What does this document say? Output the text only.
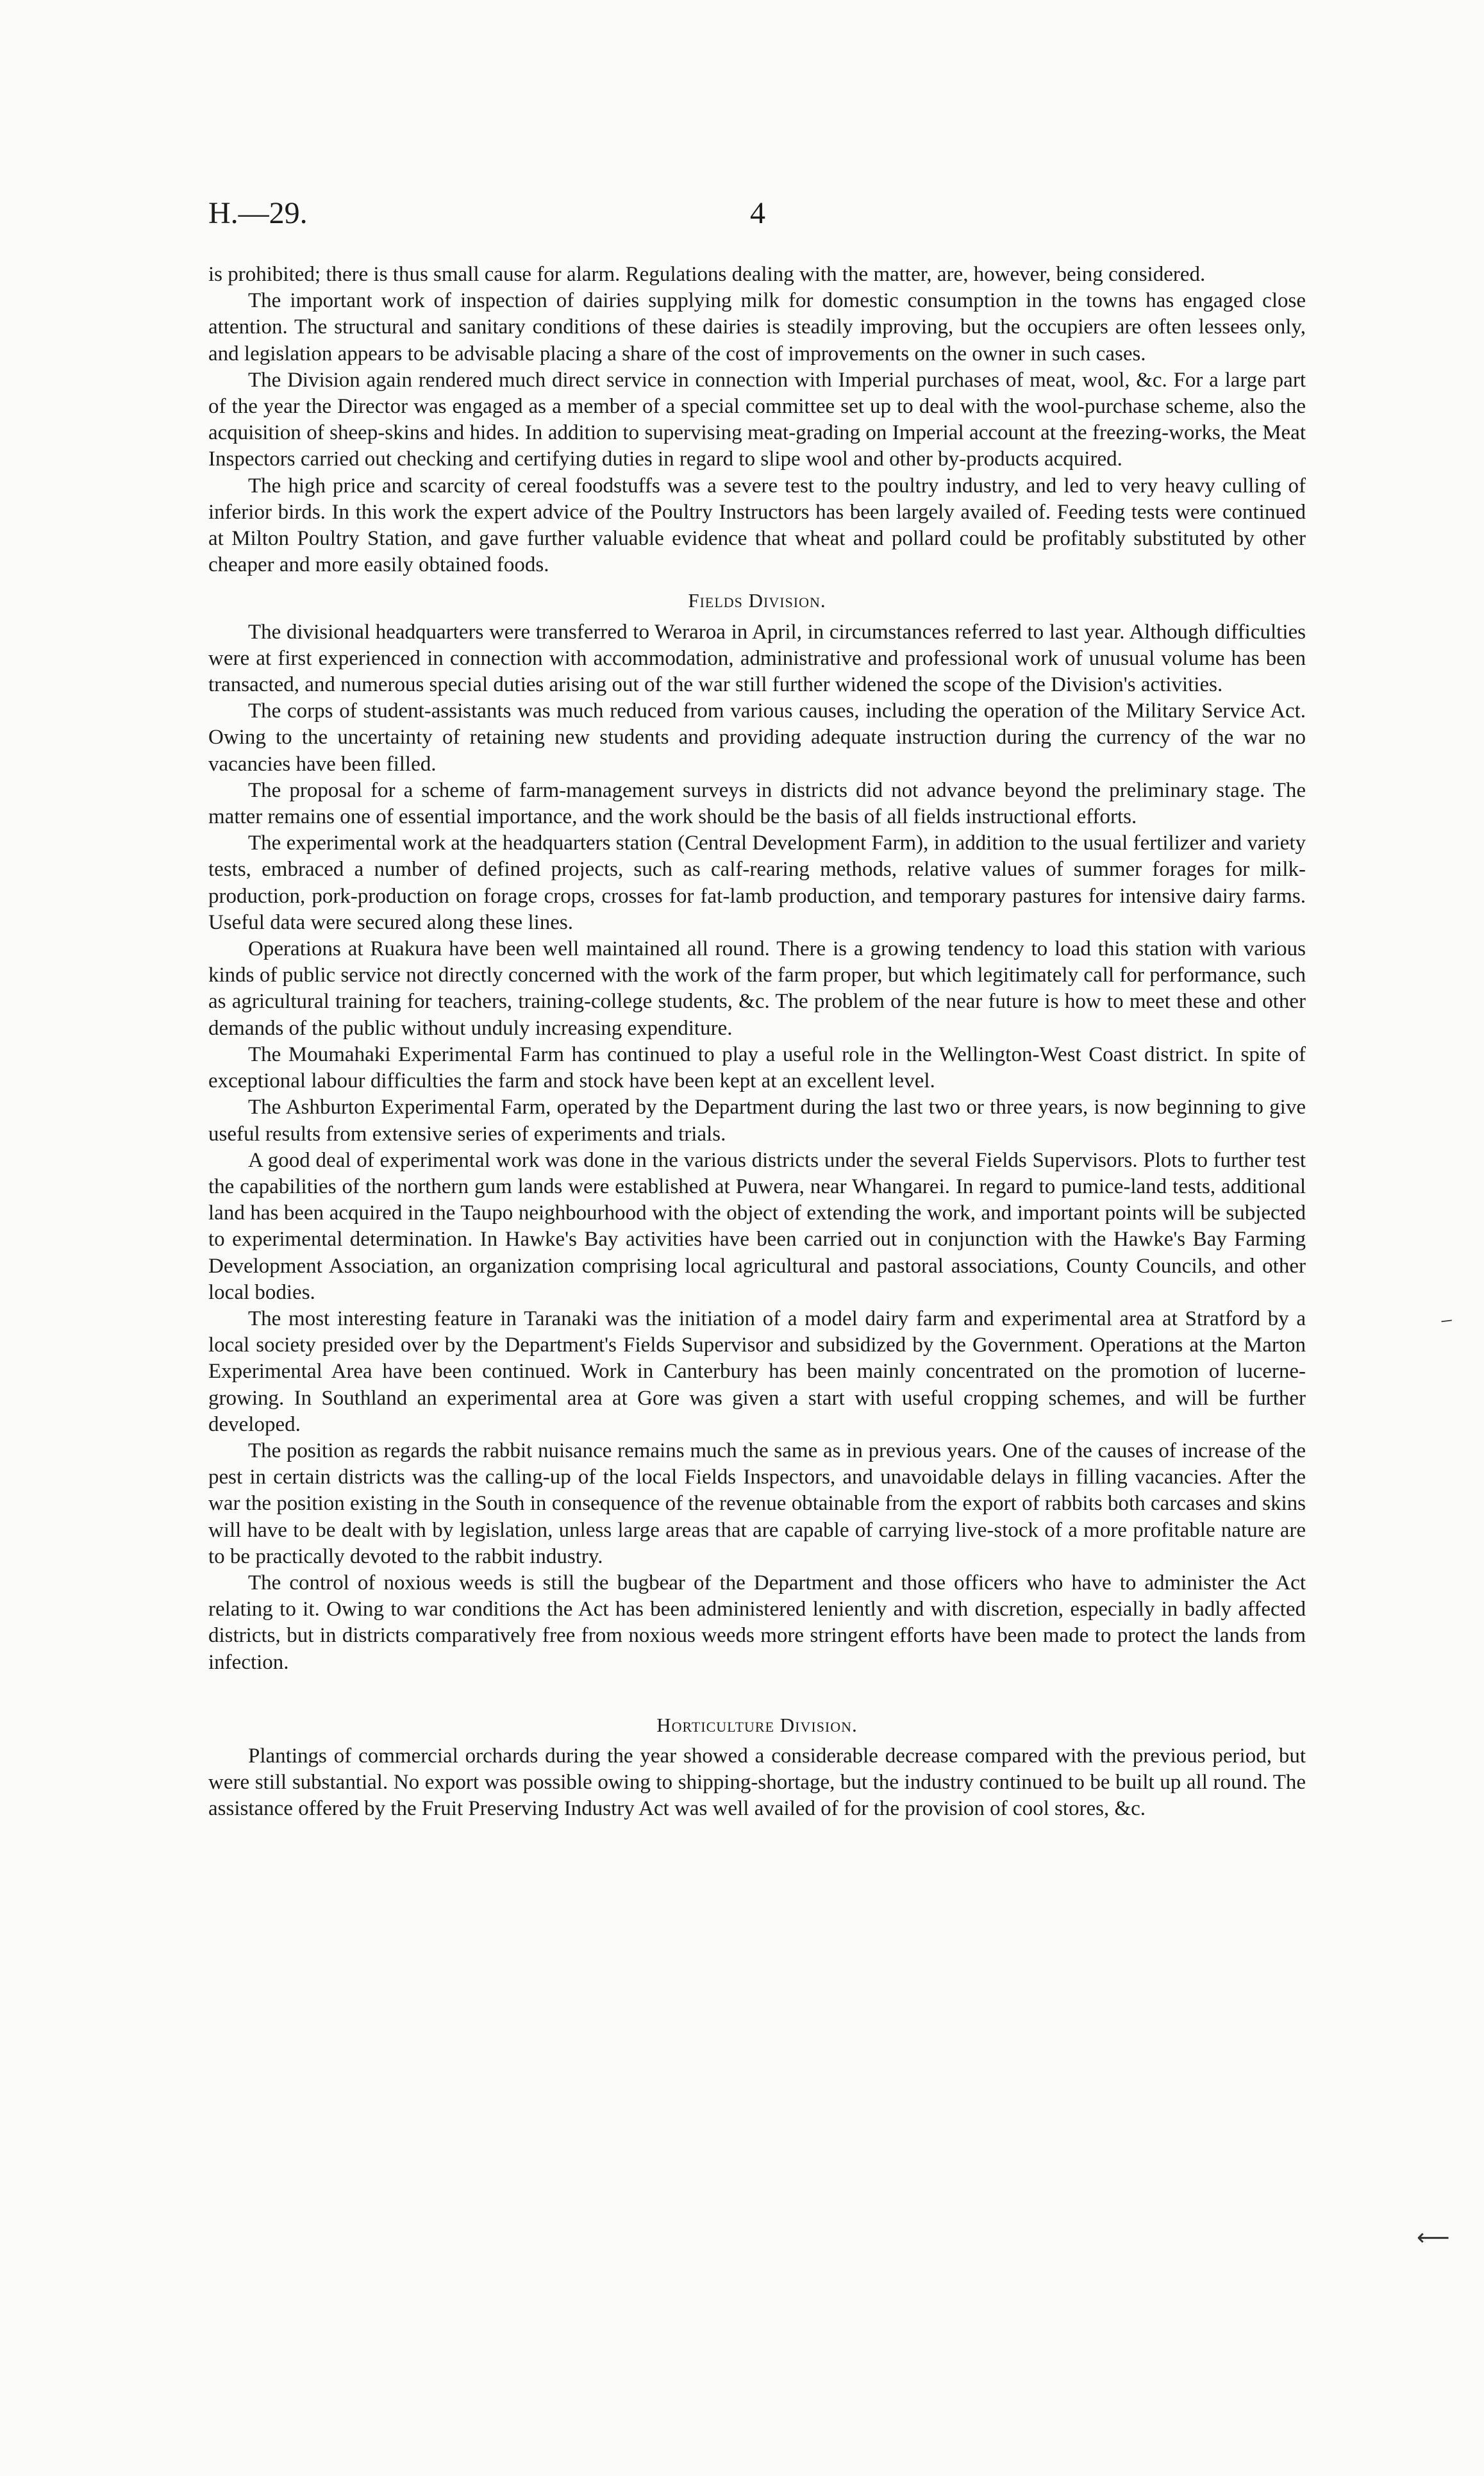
H.—29.	4

is prohibited; there is thus small cause for alarm. Regulations dealing with the matter, are, however, being considered.

The important work of inspection of dairies supplying milk for domestic consumption in the towns has engaged close attention. The structural and sanitary conditions of these dairies is steadily improving, but the occupiers are often lessees only, and legislation appears to be advisable placing a share of the cost of improvements on the owner in such cases.

The Division again rendered much direct service in connection with Imperial purchases of meat, wool, &c. For a large part of the year the Director was engaged as a member of a special committee set up to deal with the wool-purchase scheme, also the acquisition of sheep-skins and hides. In addition to supervising meat-grading on Imperial account at the freezing-works, the Meat Inspectors carried out checking and certifying duties in regard to slipe wool and other by-products acquired.

The high price and scarcity of cereal foodstuffs was a severe test to the poultry industry, and led to very heavy culling of inferior birds. In this work the expert advice of the Poultry Instructors has been largely availed of. Feeding tests were continued at Milton Poultry Station, and gave further valuable evidence that wheat and pollard could be profitably substituted by other cheaper and more easily obtained foods.

Fields Division.

The divisional headquarters were transferred to Weraroa in April, in circumstances referred to last year. Although difficulties were at first experienced in connection with accommodation, administrative and professional work of unusual volume has been transacted, and numerous special duties arising out of the war still further widened the scope of the Division's activities.

The corps of student-assistants was much reduced from various causes, including the operation of the Military Service Act. Owing to the uncertainty of retaining new students and providing adequate instruction during the currency of the war no vacancies have been filled.

The proposal for a scheme of farm-management surveys in districts did not advance beyond the preliminary stage. The matter remains one of essential importance, and the work should be the basis of all fields instructional efforts.

The experimental work at the headquarters station (Central Development Farm), in addition to the usual fertilizer and variety tests, embraced a number of defined projects, such as calf-rearing methods, relative values of summer forages for milk-production, pork-production on forage crops, crosses for fat-lamb production, and temporary pastures for intensive dairy farms. Useful data were secured along these lines.

Operations at Ruakura have been well maintained all round. There is a growing tendency to load this station with various kinds of public service not directly concerned with the work of the farm proper, but which legitimately call for performance, such as agricultural training for teachers, training-college students, &c. The problem of the near future is how to meet these and other demands of the public without unduly increasing expenditure.

The Moumahaki Experimental Farm has continued to play a useful role in the Wellington-West Coast district. In spite of exceptional labour difficulties the farm and stock have been kept at an excellent level.

The Ashburton Experimental Farm, operated by the Department during the last two or three years, is now beginning to give useful results from extensive series of experiments and trials.

A good deal of experimental work was done in the various districts under the several Fields Supervisors. Plots to further test the capabilities of the northern gum lands were established at Puwera, near Whangarei. In regard to pumice-land tests, additional land has been acquired in the Taupo neighbourhood with the object of extending the work, and important points will be subjected to experimental determination. In Hawke's Bay activities have been carried out in conjunction with the Hawke's Bay Farming Development Association, an organization comprising local agricultural and pastoral associations, County Councils, and other local bodies.

The most interesting feature in Taranaki was the initiation of a model dairy farm and experimental area at Stratford by a local society presided over by the Department's Fields Supervisor and subsidized by the Government. Operations at the Marton Experimental Area have been continued. Work in Canterbury has been mainly concentrated on the promotion of lucerne-growing. In Southland an experimental area at Gore was given a start with useful cropping schemes, and will be further developed.

The position as regards the rabbit nuisance remains much the same as in previous years. One of the causes of increase of the pest in certain districts was the calling-up of the local Fields Inspectors, and unavoidable delays in filling vacancies. After the war the position existing in the South in consequence of the revenue obtainable from the export of rabbits both carcases and skins will have to be dealt with by legislation, unless large areas that are capable of carrying live-stock of a more profitable nature are to be practically devoted to the rabbit industry.

The control of noxious weeds is still the bugbear of the Department and those officers who have to administer the Act relating to it. Owing to war conditions the Act has been administered leniently and with discretion, especially in badly affected districts, but in districts comparatively free from noxious weeds more stringent efforts have been made to protect the lands from infection.

Horticulture Division.

Plantings of commercial orchards during the year showed a considerable decrease compared with the previous period, but were still substantial. No export was possible owing to shipping-shortage, but the industry continued to be built up all round. The assistance offered by the Fruit Preserving Industry Act was well availed of for the provision of cool stores, &c.

⸝
⟵
